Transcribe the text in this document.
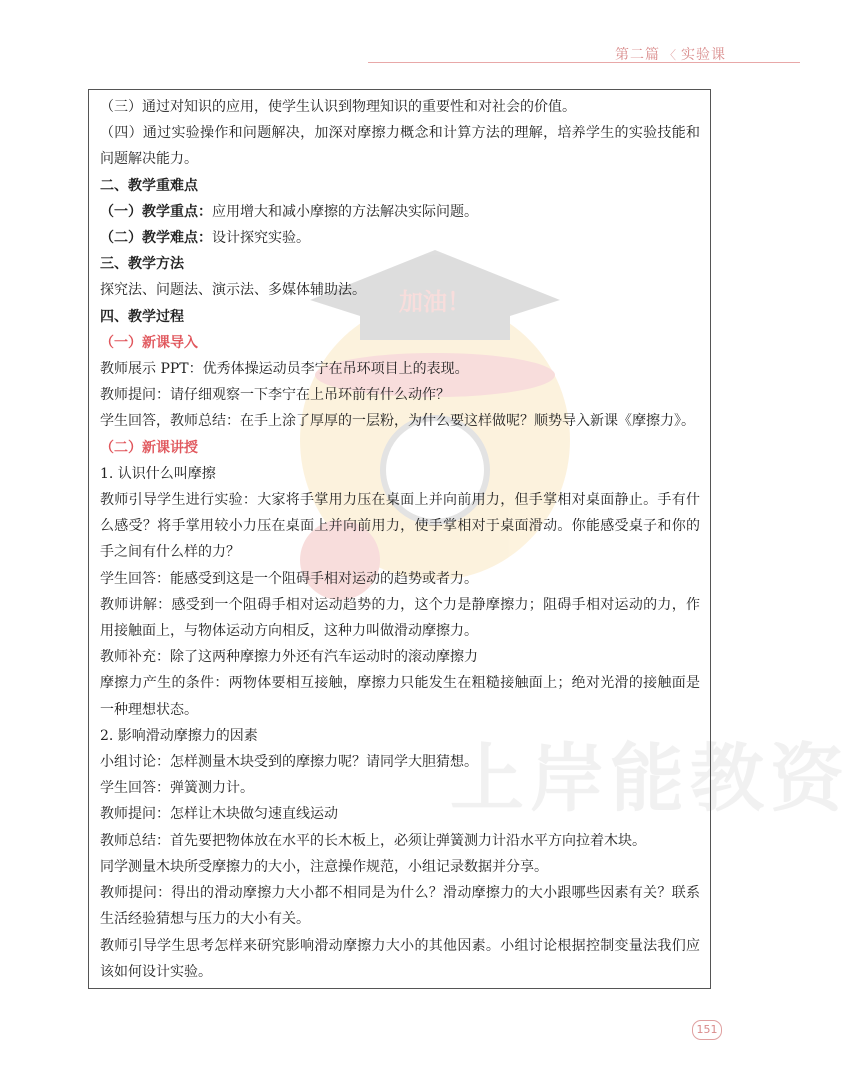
第二篇 〈 实验课
加油！
上岸能教资

（三）通过对知识的应用，使学生认识到物理知识的重要性和对社会的价值。

（四）通过实验操作和问题解决，加深对摩擦力概念和计算方法的理解，培养学生的实验技能和问题解决能力。

二、教学重难点

（一）教学重点：应用增大和减小摩擦的方法解决实际问题。

（二）教学难点：设计探究实验。

三、教学方法

探究法、问题法、演示法、多媒体辅助法。

四、教学过程

（一）新课导入

教师展示 PPT：优秀体操运动员李宁在吊环项目上的表现。

教师提问：请仔细观察一下李宁在上吊环前有什么动作？

学生回答，教师总结：在手上涂了厚厚的一层粉，为什么要这样做呢？顺势导入新课《摩擦力》。

（二）新课讲授

1. 认识什么叫摩擦

教师引导学生进行实验：大家将手掌用力压在桌面上并向前用力，但手掌相对桌面静止。手有什么感受？将手掌用较小力压在桌面上并向前用力，使手掌相对于桌面滑动。你能感受桌子和你的手之间有什么样的力？

学生回答：能感受到这是一个阻碍手相对运动的趋势或者力。

教师讲解：感受到一个阻碍手相对运动趋势的力，这个力是静摩擦力；阻碍手相对运动的力，作用接触面上，与物体运动方向相反，这种力叫做滑动摩擦力。

教师补充：除了这两种摩擦力外还有汽车运动时的滚动摩擦力

摩擦力产生的条件：两物体要相互接触，摩擦力只能发生在粗糙接触面上；绝对光滑的接触面是一种理想状态。

2. 影响滑动摩擦力的因素

小组讨论：怎样测量木块受到的摩擦力呢？请同学大胆猜想。

学生回答：弹簧测力计。

教师提问：怎样让木块做匀速直线运动

教师总结：首先要把物体放在水平的长木板上，必须让弹簧测力计沿水平方向拉着木块。

同学测量木块所受摩擦力的大小，注意操作规范，小组记录数据并分享。

教师提问：得出的滑动摩擦力大小都不相同是为什么？滑动摩擦力的大小跟哪些因素有关？联系生活经验猜想与压力的大小有关。

教师引导学生思考怎样来研究影响滑动摩擦力大小的其他因素。小组讨论根据控制变量法我们应该如何设计实验。

151
